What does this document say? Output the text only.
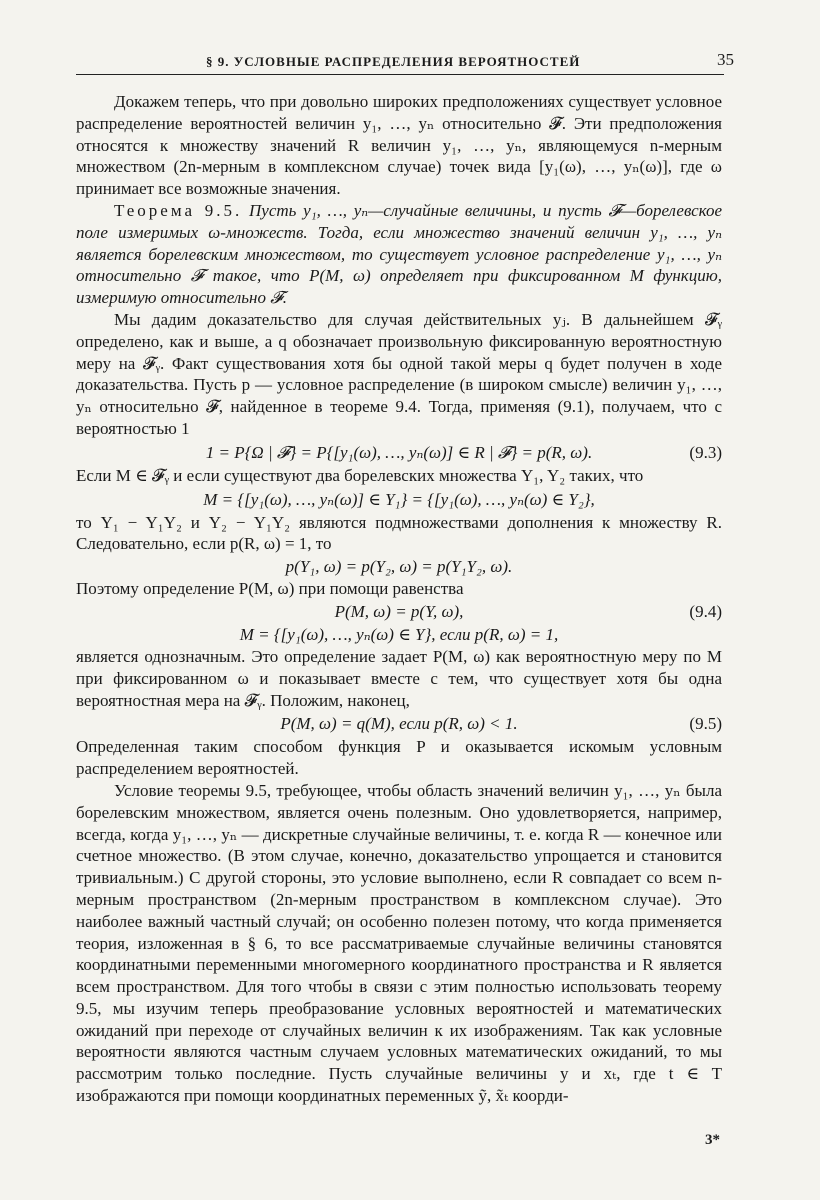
§ 9. УСЛОВНЫЕ РАСПРЕДЕЛЕНИЯ ВЕРОЯТНОСТЕЙ	35

Докажем теперь, что при довольно широких предположениях существует условное распределение вероятностей величин y₁, …, yₙ относительно 𝓕. Эти предположения относятся к множеству значений R величин y₁, …, yₙ, являющемуся n-мерным множеством (2n-мерным в комплексном случае) точек вида [y₁(ω), …, yₙ(ω)], где ω принимает все возможные значения.

Теорема 9.5. Пусть y₁, …, yₙ—случайные величины, и пусть 𝓕—борелевское поле измеримых ω-множеств. Тогда, если множество значений величин y₁, …, yₙ является борелевским множеством, то существует условное распределение y₁, …, yₙ относительно 𝓕 такое, что P(M, ω) определяет при фиксированном M функцию, измеримую относительно 𝓕.

Мы дадим доказательство для случая действительных yⱼ. В дальнейшем 𝓕ᵧ определено, как и выше, а q обозначает произвольную фиксированную вероятностную меру на 𝓕ᵧ. Факт существования хотя бы одной такой меры q будет получен в ходе доказательства. Пусть p — условное распределение (в широком смысле) величин y₁, …, yₙ относительно 𝓕, найденное в теореме 9.4. Тогда, применяя (9.1), получаем, что с вероятностью 1

1 = P{Ω | 𝓕} = P{[y₁(ω), …, yₙ(ω)] ∈ R | 𝓕} = p(R, ω).	(9.3)

Если M ∈ 𝓕ᵧ и если существуют два борелевских множества Y₁, Y₂ таких, что

M = {[y₁(ω), …, yₙ(ω)] ∈ Y₁} = {[y₁(ω), …, yₙ(ω) ∈ Y₂},

то Y₁ − Y₁Y₂ и Y₂ − Y₁Y₂ являются подмножествами дополнения к множеству R. Следовательно, если p(R, ω) = 1, то

p(Y₁, ω) = p(Y₂, ω) = p(Y₁Y₂, ω).

Поэтому определение P(M, ω) при помощи равенства

P(M, ω) = p(Y, ω),	(9.4)
M = {[y₁(ω), …, yₙ(ω) ∈ Y}, если p(R, ω) = 1,

является однозначным. Это определение задает P(M, ω) как вероятностную меру по M при фиксированном ω и показывает вместе с тем, что существует хотя бы одна вероятностная мера на 𝓕ᵧ. Положим, наконец,

P(M, ω) = q(M), если p(R, ω) < 1.	(9.5)

Определенная таким способом функция P и оказывается искомым условным распределением вероятностей.

Условие теоремы 9.5, требующее, чтобы область значений величин y₁, …, yₙ была борелевским множеством, является очень полезным. Оно удовлетворяется, например, всегда, когда y₁, …, yₙ — дискретные случайные величины, т. е. когда R — конечное или счетное множество. (В этом случае, конечно, доказательство упрощается и становится тривиальным.) С другой стороны, это условие выполнено, если R совпадает со всем n-мерным пространством (2n-мерным пространством в комплексном случае). Это наиболее важный частный случай; он особенно полезен потому, что когда применяется теория, изложенная в § 6, то все рассматриваемые случайные величины становятся координатными переменными многомерного координатного пространства и R является всем пространством. Для того чтобы в связи с этим полностью использовать теорему 9.5, мы изучим теперь преобразование условных вероятностей и математических ожиданий при переходе от случайных величин к их изображениям. Так как условные вероятности являются частным случаем условных математических ожиданий, то мы рассмотрим только последние. Пусть случайные величины y и xₜ, где t ∈ T изображаются при помощи координатных переменных ỹ, x̃ₜ коорди-

3*
